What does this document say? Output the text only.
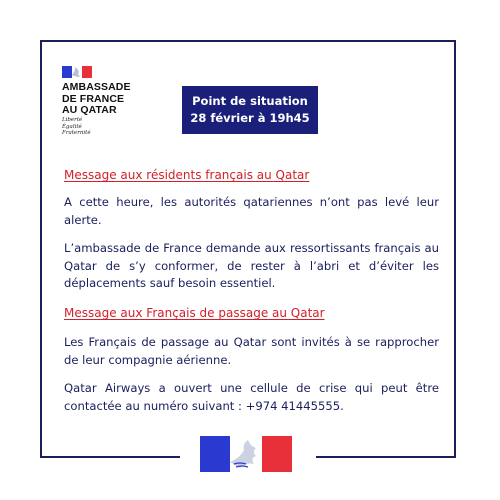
AMBASSADE
DE FRANCE
AU QATAR
Liberté
Égalité
Fraternité
Point de situation
28 février à 19h45
Message aux résidents français au Qatar
A cette heure, les autorités qatariennes n’ont pas levé leur alerte.
L’ambassade de France demande aux ressortissants français au Qatar de s’y conformer, de rester à l’abri et d’éviter les déplacements sauf besoin essentiel.
Message aux Français de passage au Qatar
Les Français de passage au Qatar sont invités à se rapprocher de leur compagnie aérienne.
Qatar Airways a ouvert une cellule de crise qui peut être contactée au numéro suivant : +974 41445555.
